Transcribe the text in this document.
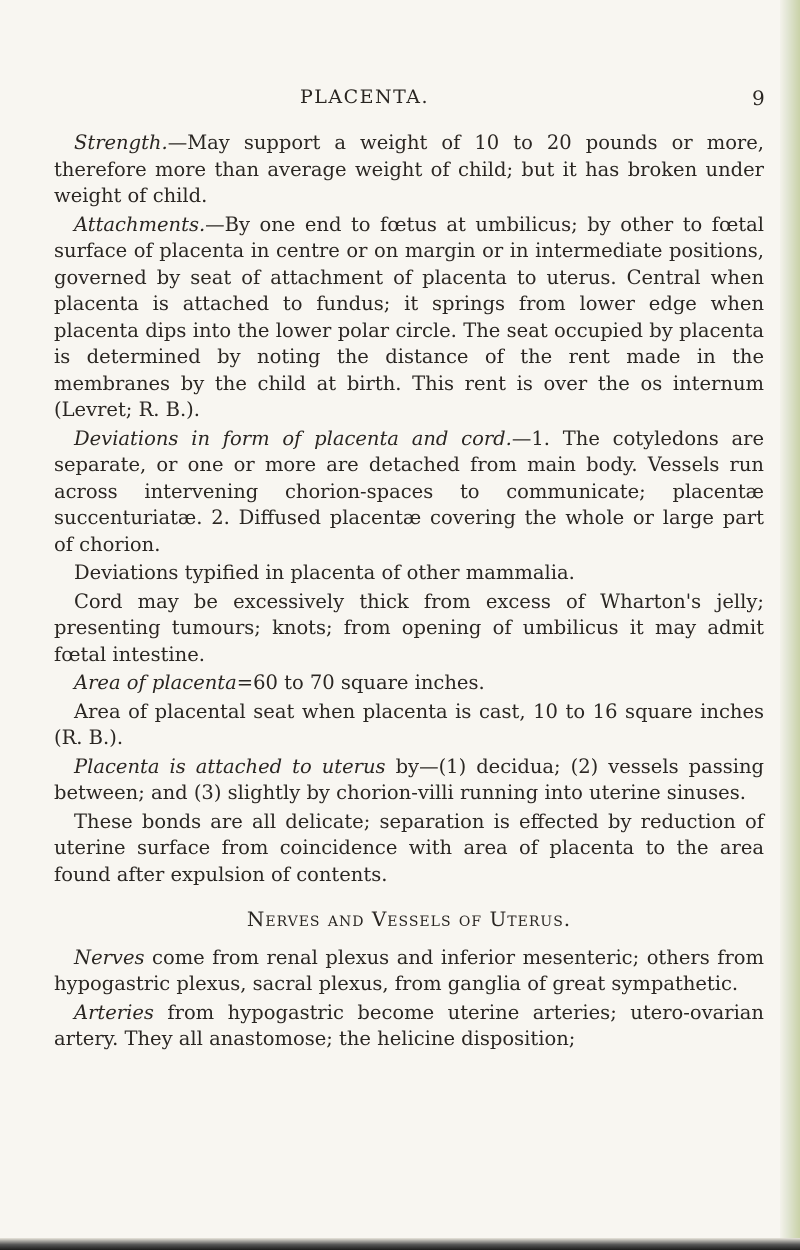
PLACENTA.	9

Strength.—May support a weight of 10 to 20 pounds or more, therefore more than average weight of child; but it has broken under weight of child.

Attachments.—By one end to fœtus at umbilicus; by other to fœtal surface of placenta in centre or on margin or in intermediate positions, governed by seat of attachment of placenta to uterus. Central when placenta is attached to fundus; it springs from lower edge when placenta dips into the lower polar circle. The seat occupied by placenta is determined by noting the distance of the rent made in the membranes by the child at birth. This rent is over the os internum (Levret; R. B.).

Deviations in form of placenta and cord.—1. The cotyledons are separate, or one or more are detached from main body. Vessels run across intervening chorion-spaces to communicate; placentæ succenturiatæ. 2. Diffused placentæ covering the whole or large part of chorion.

Deviations typified in placenta of other mammalia.

Cord may be excessively thick from excess of Wharton's jelly; presenting tumours; knots; from opening of umbilicus it may admit fœtal intestine.

Area of placenta=60 to 70 square inches.

Area of placental seat when placenta is cast, 10 to 16 square inches (R. B.).

Placenta is attached to uterus by—(1) decidua; (2) vessels passing between; and (3) slightly by chorion-villi running into uterine sinuses.

These bonds are all delicate; separation is effected by reduction of uterine surface from coincidence with area of placenta to the area found after expulsion of contents.

Nerves and Vessels of Uterus.

Nerves come from renal plexus and inferior mesenteric; others from hypogastric plexus, sacral plexus, from ganglia of great sympathetic.

Arteries from hypogastric become uterine arteries; utero-ovarian artery. They all anastomose; the helicine disposition;
